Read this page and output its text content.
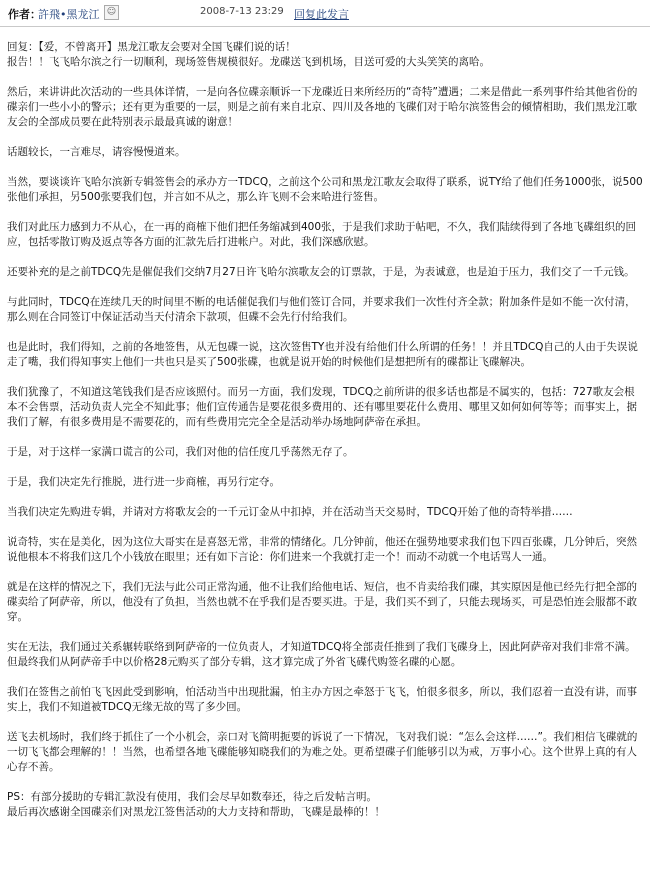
作者：
許飛•黑龙江 ☺	2008-7-13 23:29 回复此发言

回复：【爱，不曾离开】黑龙江歌友会要对全国飞碟们说的话！

报告！！飞飞哈尔滨之行一切顺利，现场签售规模很好。龙碟送飞到机场，目送可爱的大头笑笑的离哈。

然后，来讲讲此次活动的一些具体详情，一是向各位碟亲顺诉一下龙碟近日来所经历的“奇特”遭遇；二来是借此一系列事件给其他省份的碟亲们一些小小的警示；还有更为重要的一层，则是之前有来自北京、四川及各地的飞碟们对于哈尔滨签售会的倾情相助，我们黑龙江歌友会的全部成员要在此特别表示最最真诚的谢意！

话题较长，一言难尽，请容慢慢道来。

当然，要谈谈许飞哈尔滨新专辑签售会的承办方一TDCQ，之前这个公司和黑龙江歌友会取得了联系，说TY给了他们任务1000张，说500张他们承担，另500张要我们包，并言如不从之，那么许飞则不会来哈进行签售。

我们对此压力感到力不从心，在一再的商榷下他们把任务缩减到400张，于是我们求助于帖吧，不久，我们陆续得到了各地飞碟组织的回应，包括零散订购及返点等各方面的汇款先后打进帐户。对此，我们深感欣慰。

还要补充的是之前TDCQ先是催促我们交纳7月27日许飞哈尔滨歌友会的订票款，于是，为表诚意，也是迫于压力，我们交了一千元钱。

与此同时，TDCQ在连续几天的时间里不断的电话催促我们与他们签订合同，并要求我们一次性付齐全款；附加条件是如不能一次付清，那么则在合同签订中保证活动当天付清余下款项，但碟不会先行付给我们。

也是此时，我们得知，之前的各地签售，从无包碟一说，这次签售TY也并没有给他们什么所谓的任务！！并且TDCQ自己的人由于失误说走了嘴，我们得知事实上他们一共也只是买了500张碟，也就是说开始的时候他们是想把所有的碟都让飞碟解决。

我们犹豫了，不知道这笔钱我们是否应该照付。而另一方面，我们发现，TDCQ之前所讲的很多话也都是不属实的，包括：727歌友会根本不会售票，活动负责人完全不知此事；他们宣传通告是要花很多费用的、还有哪里要花什么费用、哪里又如何如何等等；而事实上，据我们了解，有很多费用是不需要花的，而有些费用完完全全是活动举办场地阿萨帝在承担。

于是，对于这样一家满口谎言的公司，我们对他的信任度几乎荡然无存了。

于是，我们决定先行推脱，进行进一步商榷，再另行定夺。

当我们决定先购进专辑，并请对方将歌友会的一千元订金从中扣掉，并在活动当天交易时，TDCQ开始了他的奇特举措……

说奇特，实在是美化，因为这位大哥实在是喜怒无常，非常的情绪化。几分钟前，他还在强势地要求我们包下四百张碟，几分钟后，突然说他根本不将我们这几个小钱放在眼里；还有如下言论：你们进来一个我就打走一个！而动不动就一个电话骂人一通。

就是在这样的情况之下，我们无法与此公司正常沟通，他不让我们给他电话、短信，也不肯卖给我们碟，其实原因是他已经先行把全部的碟卖给了阿萨帝，所以，他没有了负担，当然也就不在乎我们是否要买进。于是，我们买不到了，只能去现场买，可是恐怕连会服都不敢穿。

实在无法，我们通过关系辗转联络到阿萨帝的一位负责人，才知道TDCQ将全部责任推到了我们飞碟身上，因此阿萨帝对我们非常不满。但最终我们从阿萨帝手中以价格28元购买了部分专辑，这才算完成了外省飞碟代购签名碟的心愿。

我们在签售之前怕飞飞因此受到影响，怕活动当中出现批漏，怕主办方因之牵怒于飞飞，怕很多很多，所以，我们忍着一直没有讲，而事实上，我们不知道被TDCQ无缘无故的骂了多少回。

送飞去机场时，我们终于抓住了一个小机会，亲口对飞简明扼要的诉说了一下情况，飞对我们说：“怎么会这样……”。我们相信飞碟就的一切飞飞都会理解的！！当然，也希望各地飞碟能够知晓我们的为难之处。更希望碟子们能够引以为戒，万事小心。这个世界上真的有人心存不善。

PS：有部分援助的专辑汇款没有使用，我们会尽早如数奉还，待之后发帖言明。

最后再次感谢全国碟亲们对黑龙江签售活动的大力支持和帮助，飞碟是最棒的！！
